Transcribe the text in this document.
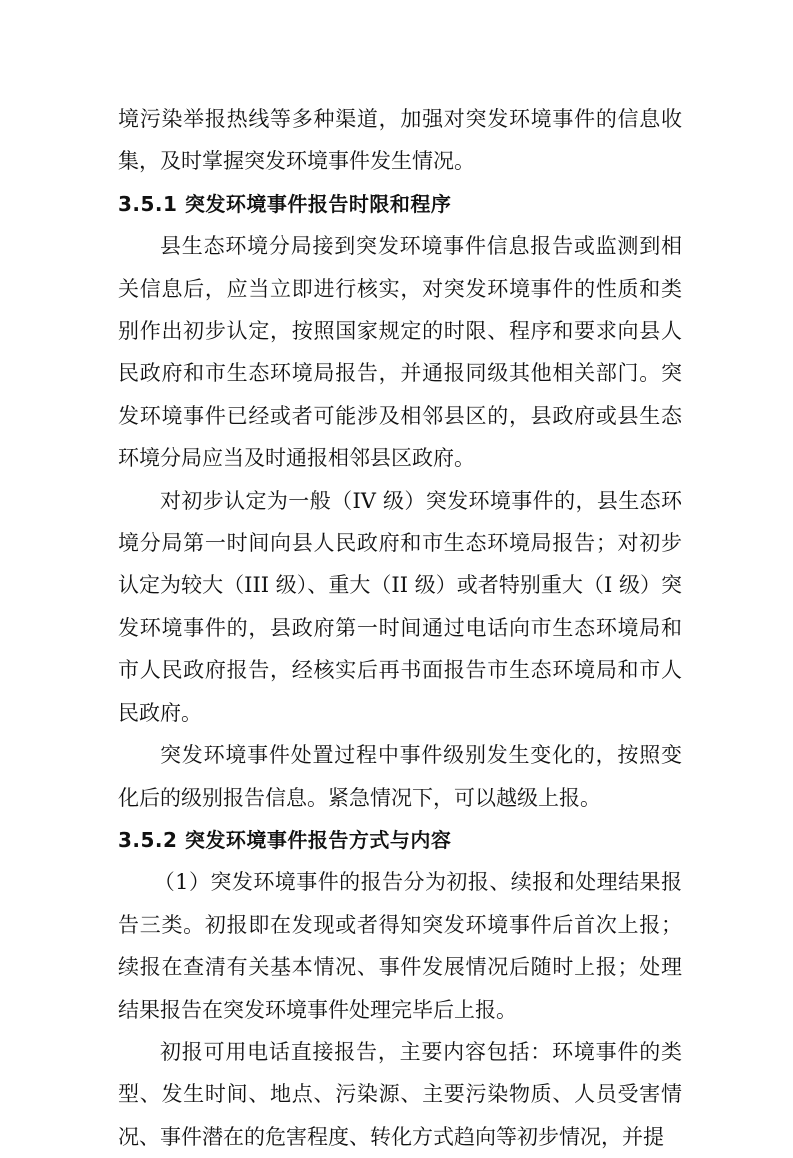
境污染举报热线等多种渠道，加强对突发环境事件的信息收集，及时掌握突发环境事件发生情况。

3.5.1 突发环境事件报告时限和程序

县生态环境分局接到突发环境事件信息报告或监测到相关信息后，应当立即进行核实，对突发环境事件的性质和类别作出初步认定，按照国家规定的时限、程序和要求向县人民政府和市生态环境局报告，并通报同级其他相关部门。突发环境事件已经或者可能涉及相邻县区的，县政府或县生态环境分局应当及时通报相邻县区政府。

对初步认定为一般（IV 级）突发环境事件的，县生态环境分局第一时间向县人民政府和市生态环境局报告；对初步认定为较大（III 级）、重大（II 级）或者特别重大（I 级）突发环境事件的，县政府第一时间通过电话向市生态环境局和市人民政府报告，经核实后再书面报告市生态环境局和市人民政府。

突发环境事件处置过程中事件级别发生变化的，按照变化后的级别报告信息。紧急情况下，可以越级上报。

3.5.2 突发环境事件报告方式与内容

（1）突发环境事件的报告分为初报、续报和处理结果报告三类。初报即在发现或者得知突发环境事件后首次上报；续报在查清有关基本情况、事件发展情况后随时上报；处理结果报告在突发环境事件处理完毕后上报。

初报可用电话直接报告，主要内容包括：环境事件的类型、发生时间、地点、污染源、主要污染物质、人员受害情况、事件潜在的危害程度、转化方式趋向等初步情况，并提
